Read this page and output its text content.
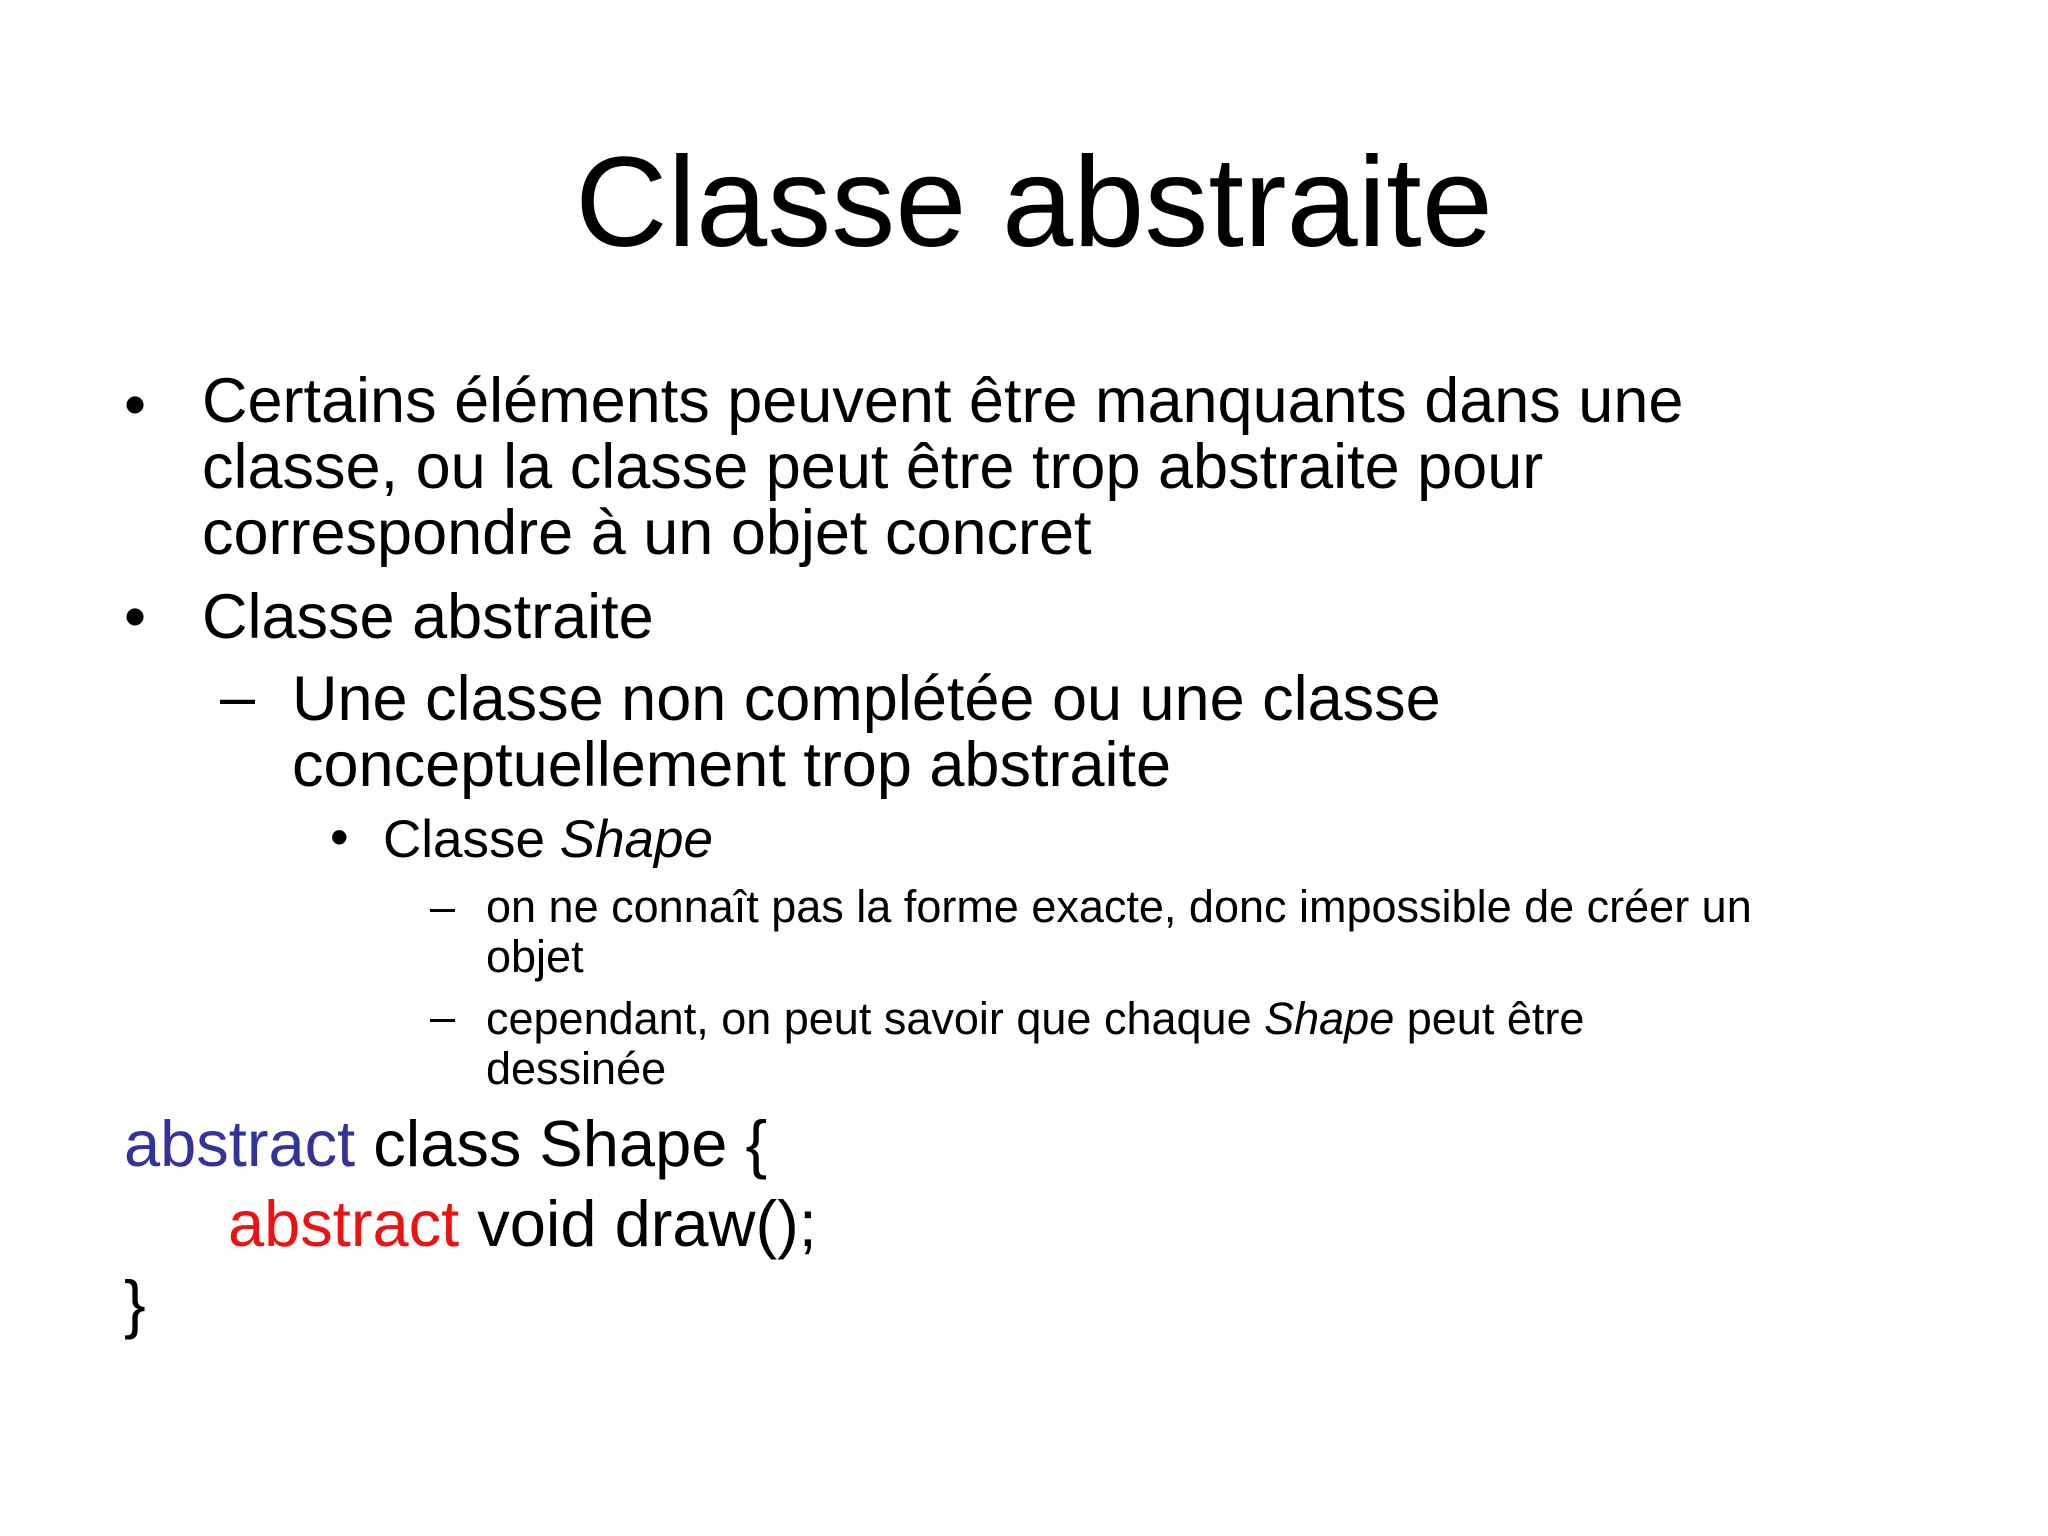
Classe abstraite
• Certains éléments peuvent être manquants dans une
classe, ou la classe peut être trop abstraite pour
correspondre à un objet concret
• Classe abstraite
– Une classe non complétée ou une classe
conceptuellement trop abstraite
• Classe Shape
– on ne connaît pas la forme exacte, donc impossible de créer un
objet
– cependant, on peut savoir que chaque Shape peut être
dessinée
abstract class Shape {
abstract void draw();
}
